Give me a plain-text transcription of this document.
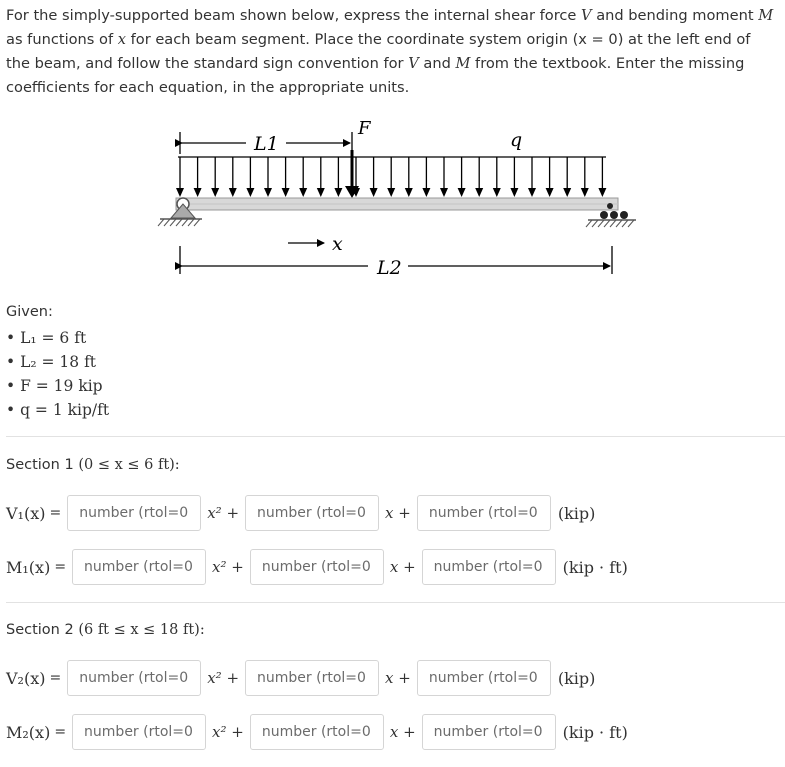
For the simply-supported beam shown below, express the internal shear force V and bending moment M as functions of x for each beam segment. Place the coordinate system origin (x = 0) at the left end of the beam, and follow the standard sign convention for V and M from the textbook. Enter the missing coefficients for each equation, in the appropriate units.
L1
F
q
x
L2
Given:
• L₁ = 6 ft
• L₂ = 18 ft
• F = 19 kip
• q = 1 kip/ft
Section 1 (0 ≤ x ≤ 6 ft):
V₁(x) =
number (rtol=0	x² +
number (rtol=0	x +
number (rtol=0	(kip)
M₁(x) =
number (rtol=0	x² +
number (rtol=0	x +
number (rtol=0	(kip · ft)
Section 2 (6 ft ≤ x ≤ 18 ft):
V₂(x) =
number (rtol=0	x² +
number (rtol=0	x +
number (rtol=0	(kip)
M₂(x) =
number (rtol=0	x² +
number (rtol=0	x +
number (rtol=0	(kip · ft)
